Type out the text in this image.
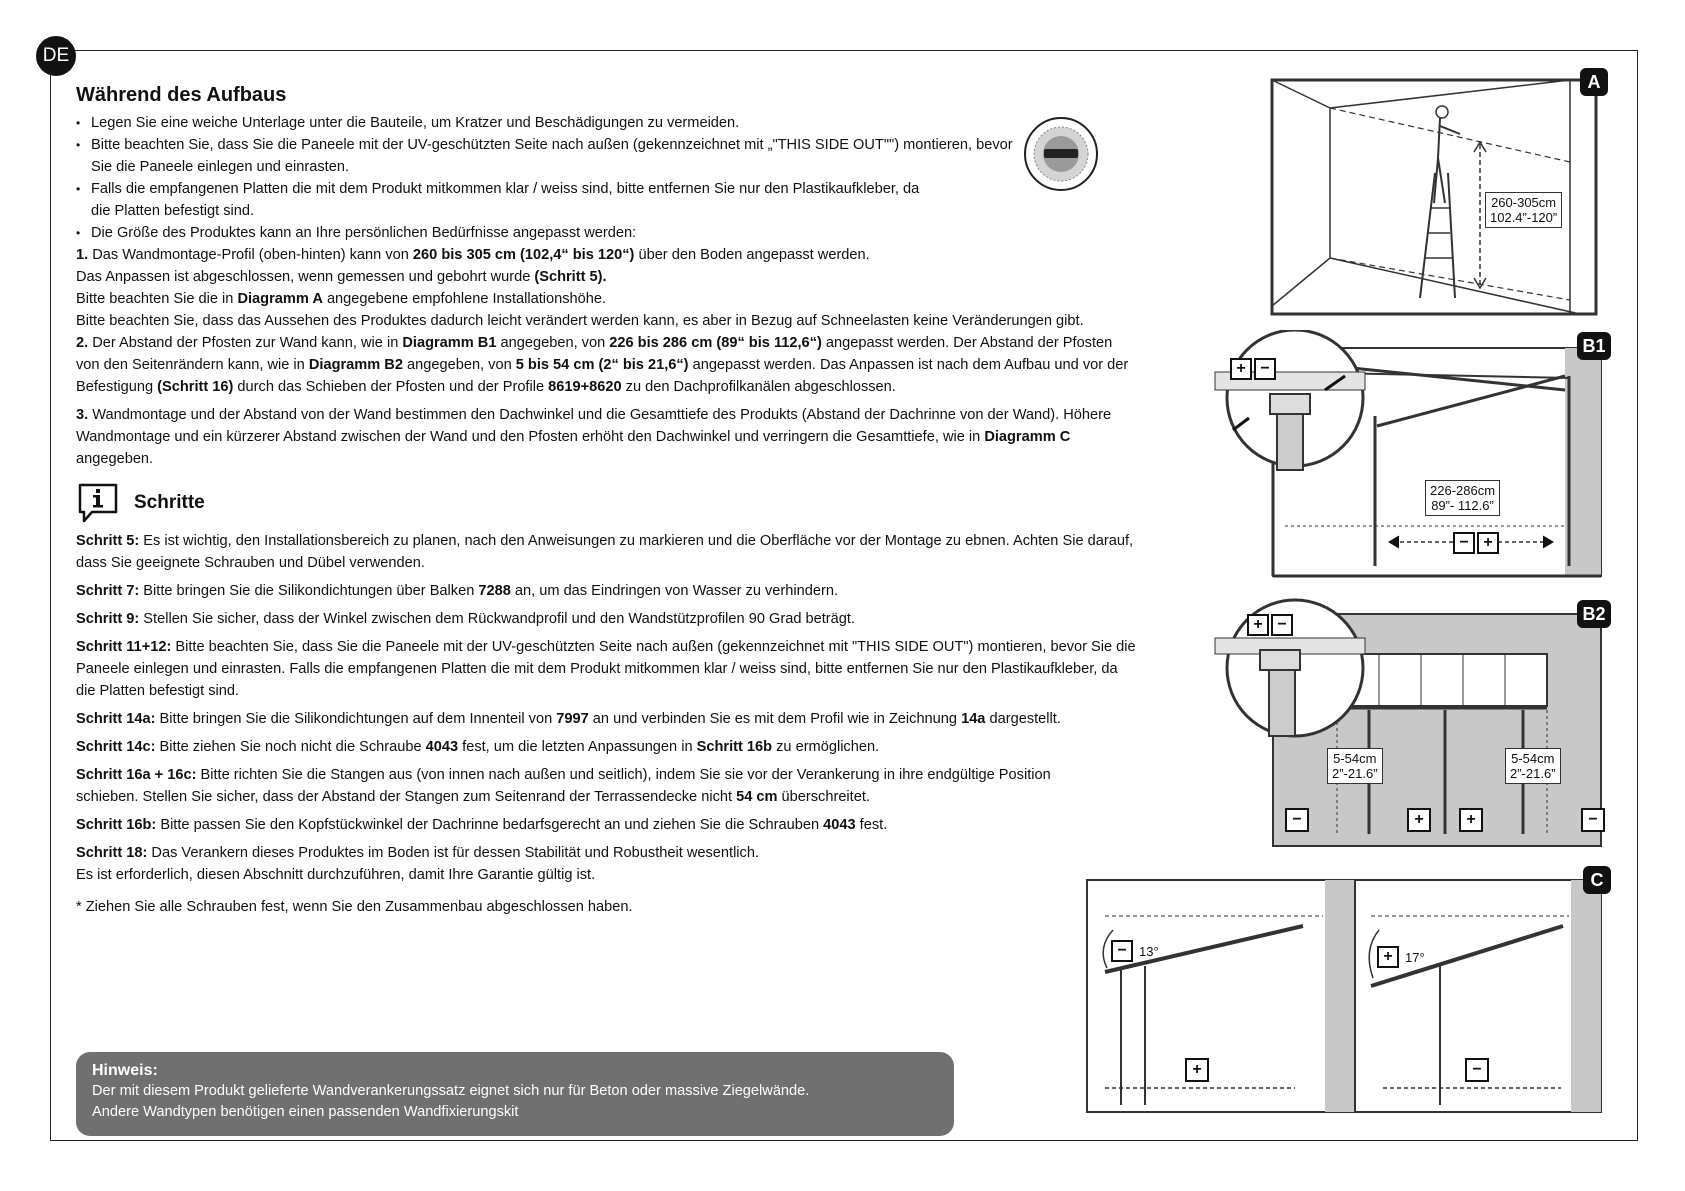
DE

Während des Aufbaus

• Legen Sie eine weiche Unterlage unter die Bauteile, um Kratzer und Beschädigungen zu vermeiden.

• Bitte beachten Sie, dass Sie die Paneele mit der UV-geschützten Seite nach außen (gekennzeichnet mit „"THIS SIDE OUT"") montieren, bevor Sie die Paneele einlegen und einrasten.

• Falls die empfangenen Platten die mit dem Produkt mitkommen klar / weiss sind, bitte entfernen Sie nur den Plastikaufkleber, da die Platten befestigt sind.

• Die Größe des Produktes kann an Ihre persönlichen Bedürfnisse angepasst werden:

1. Das Wandmontage-Profil (oben-hinten) kann von 260 bis 305 cm (102,4“ bis 120“) über den Boden angepasst werden.

Das Anpassen ist abgeschlossen, wenn gemessen und gebohrt wurde (Schritt 5).

Bitte beachten Sie die in Diagramm A angegebene empfohlene Installationshöhe.

Bitte beachten Sie, dass das Aussehen des Produktes dadurch leicht verändert werden kann, es aber in Bezug auf Schneelasten keine Veränderungen gibt.

2. Der Abstand der Pfosten zur Wand kann, wie in Diagramm B1 angegeben, von 226 bis 286 cm (89“ bis 112,6“) angepasst werden. Der Abstand der Pfosten von den Seitenrändern kann, wie in Diagramm B2 angegeben, von 5 bis 54 cm (2“ bis 21,6“) angepasst werden. Das Anpassen ist nach dem Aufbau und vor der Befestigung (Schritt 16) durch das Schieben der Pfosten und der Profile 8619+8620 zu den Dachprofilkanälen abgeschlossen.

3. Wandmontage und der Abstand von der Wand bestimmen den Dachwinkel und die Gesamttiefe des Produkts (Abstand der Dachrinne von der Wand). Höhere Wandmontage und ein kürzerer Abstand zwischen der Wand und den Pfosten erhöht den Dachwinkel und verringern die Gesamttiefe, wie in Diagramm C angegeben.

Schritte

Schritt 5: Es ist wichtig, den Installationsbereich zu planen, nach den Anweisungen zu markieren und die Oberfläche vor der Montage zu ebnen. Achten Sie darauf, dass Sie geeignete Schrauben und Dübel verwenden.

Schritt 7: Bitte bringen Sie die Silikondichtungen über Balken 7288 an, um das Eindringen von Wasser zu verhindern.

Schritt 9: Stellen Sie sicher, dass der Winkel zwischen dem Rückwandprofil und den Wandstützprofilen 90 Grad beträgt.

Schritt 11+12: Bitte beachten Sie, dass Sie die Paneele mit der UV-geschützten Seite nach außen (gekennzeichnet mit "THIS SIDE OUT") montieren, bevor Sie die Paneele einlegen und einrasten. Falls die empfangenen Platten die mit dem Produkt mitkommen klar / weiss sind, bitte entfernen Sie nur den Plastikaufkleber, da die Platten befestigt sind.

Schritt 14a: Bitte bringen Sie die Silikondichtungen auf dem Innenteil von 7997 an und verbinden Sie es mit dem Profil wie in Zeichnung 14a dargestellt.

Schritt 14c: Bitte ziehen Sie noch nicht die Schraube 4043 fest, um die letzten Anpassungen in Schritt 16b zu ermöglichen.

Schritt 16a + 16c: Bitte richten Sie die Stangen aus (von innen nach außen und seitlich), indem Sie sie vor der Verankerung in ihre endgültige Position schieben. Stellen Sie sicher, dass der Abstand der Stangen zum Seitenrand der Terrassendecke nicht 54 cm überschreitet.

Schritt 16b: Bitte passen Sie den Kopfstückwinkel der Dachrinne bedarfsgerecht an und ziehen Sie die Schrauben 4043 fest.

Schritt 18: Das Verankern dieses Produktes im Boden ist für dessen Stabilität und Robustheit wesentlich.

Es ist erforderlich, diesen Abschnitt durchzuführen, damit Ihre Garantie gültig ist.

* Ziehen Sie alle Schrauben fest, wenn Sie den Zusammenbau abgeschlossen haben.

Hinweis:
Der mit diesem Produkt gelieferte Wandverankerungssatz eignet sich nur für Beton oder massive Ziegelwände.
Andere Wandtypen benötigen einen passenden Wandfixierungskit
A
260-305cm
102.4”-120”
+ −
− +
B1
226-286cm
89”- 112.6”
+ −
−	+	+	−
B2
5-54cm
2”-21.6”
5-54cm
2”-21.6”
− 13°	+ 17°
+	−
C
